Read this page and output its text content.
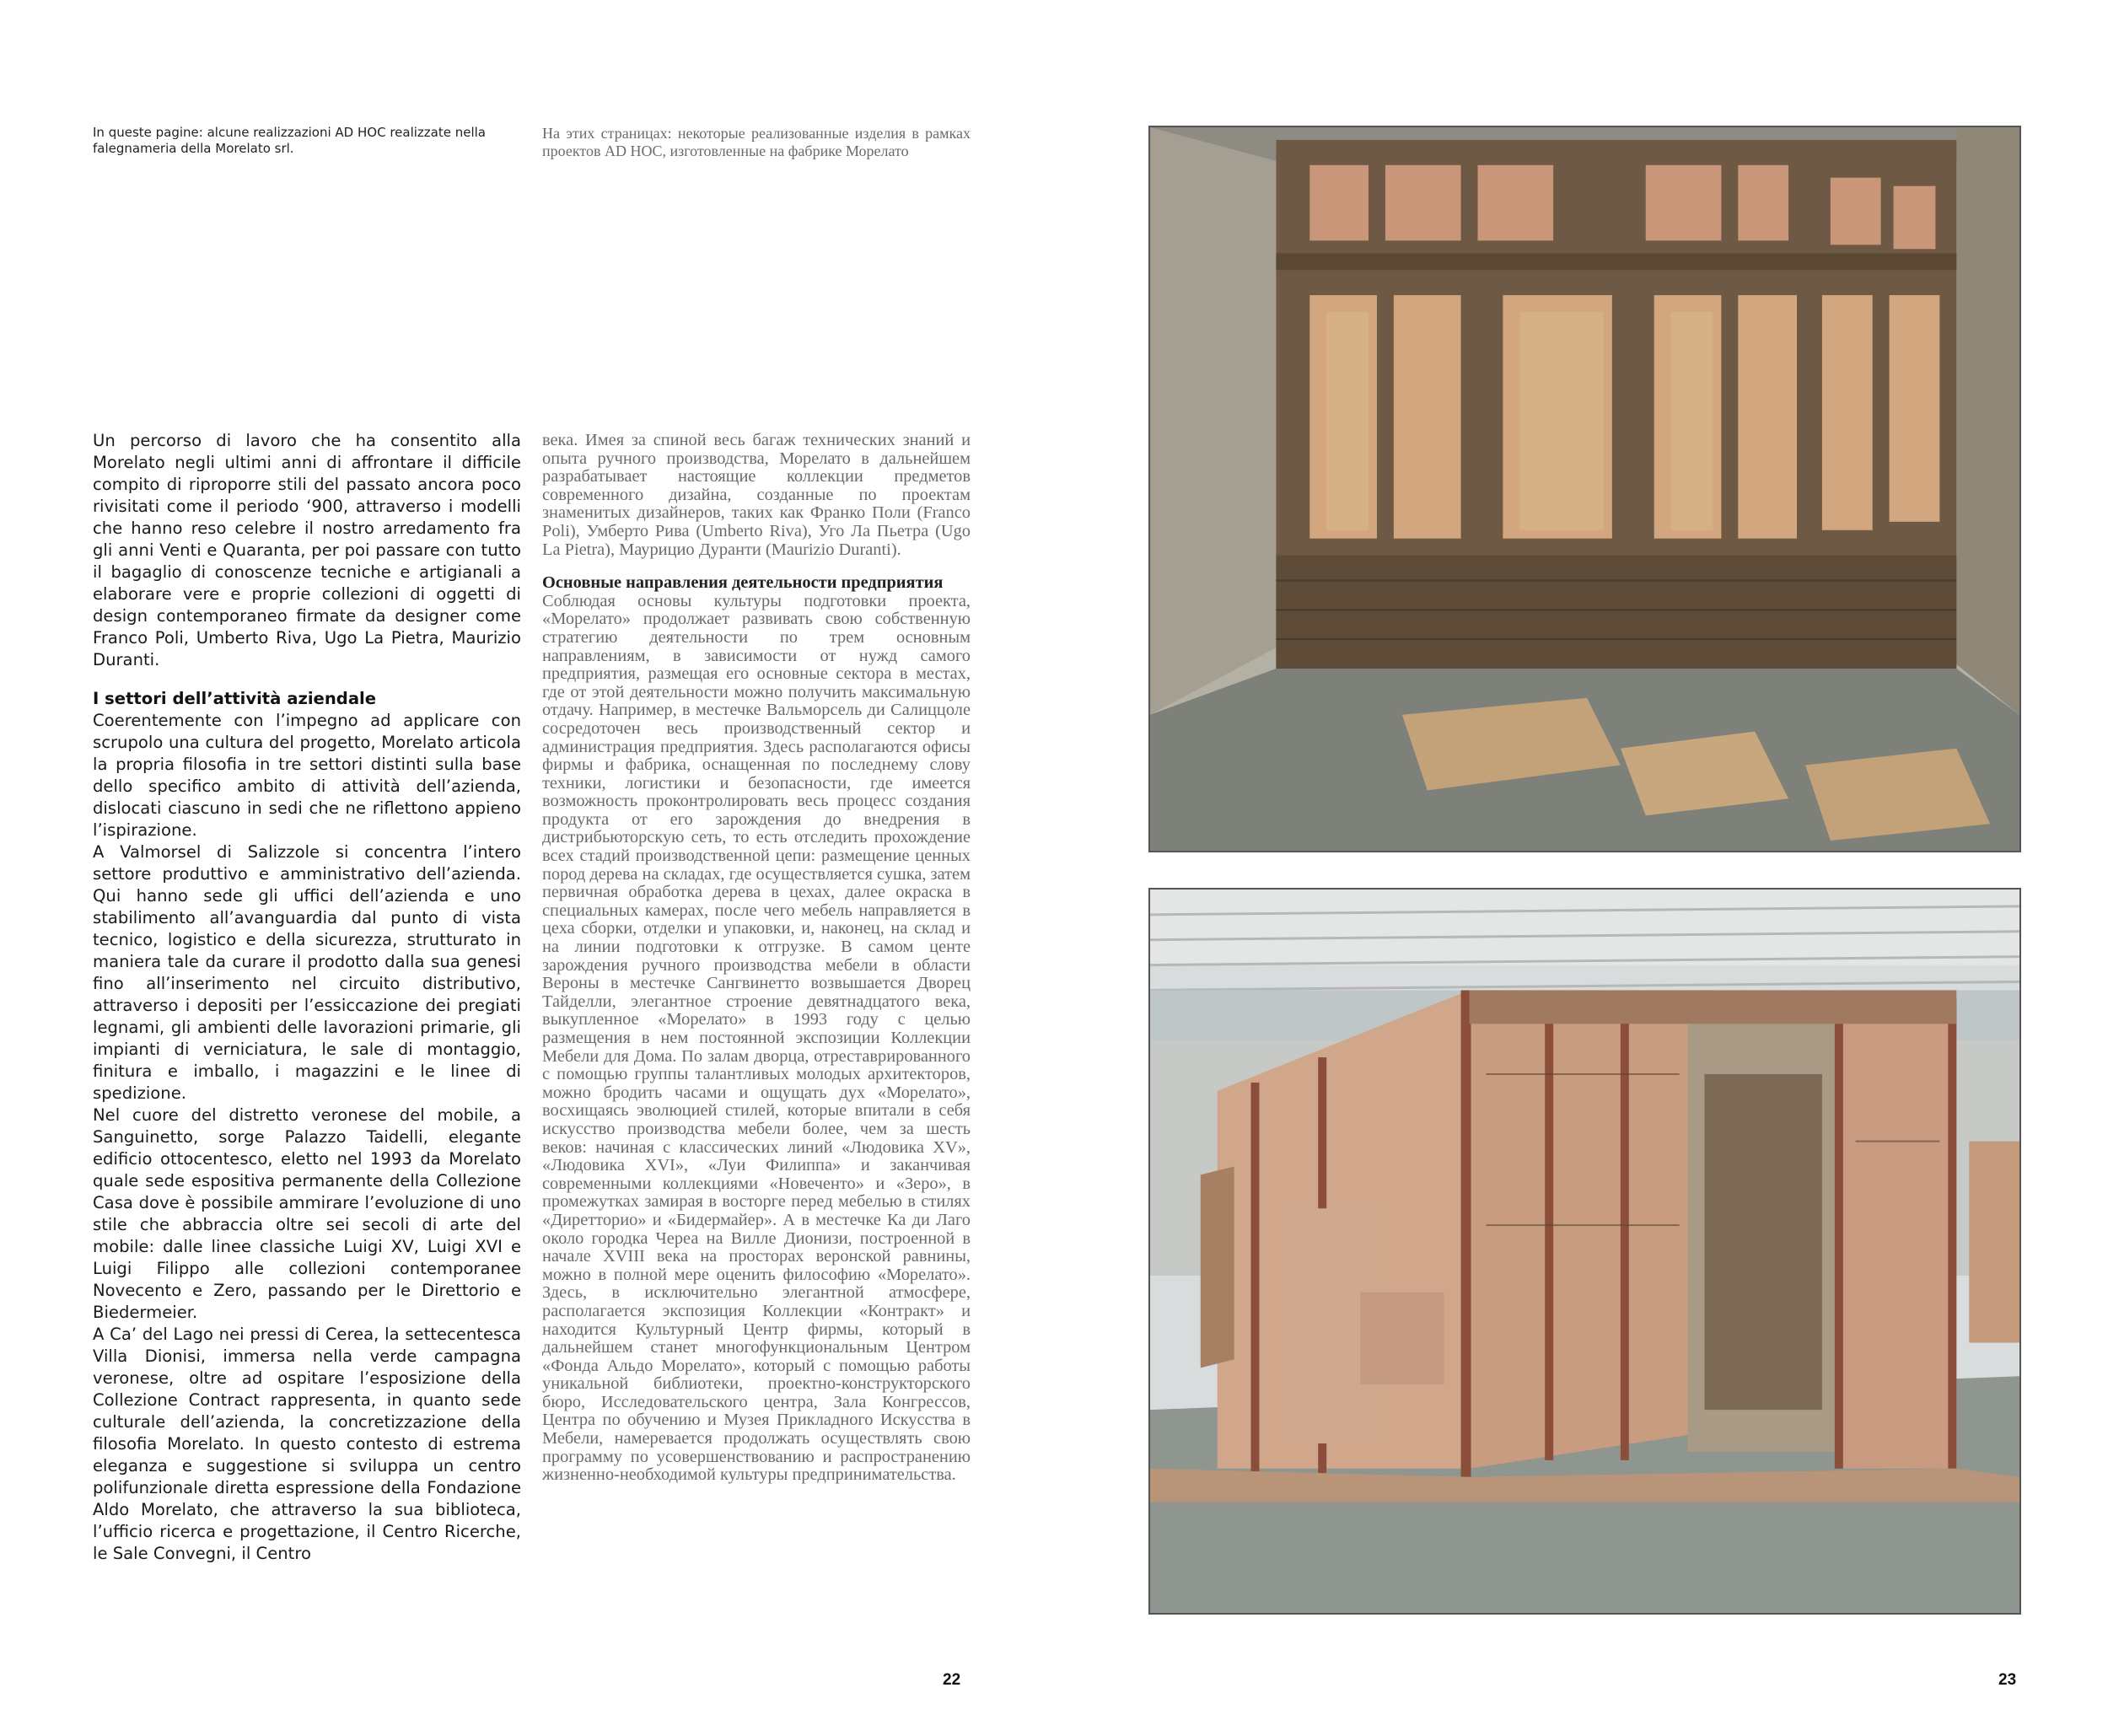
In queste pagine: alcune realizzazioni AD HOC realizzate nella falegnameria della Morelato srl.
На этих страницах: некоторые реализованные изделия в рамках проектов AD HOC, изготовленные на фабрике Морелато

Un percorso di lavoro che ha consentito alla Morelato negli ultimi anni di affrontare il difficile compito di riproporre stili del passato ancora poco rivisitati come il periodo ‘900, attraverso i modelli che hanno reso celebre il nostro arredamento fra gli anni Venti e Quaranta, per poi passare con tutto il bagaglio di conoscenze tecniche e artigianali a elaborare vere e proprie collezioni di oggetti di design contemporaneo firmate da designer come Franco Poli, Umberto Riva, Ugo La Pietra, Maurizio Duranti.

I settori dell’attività aziendale

Coerentemente con l’impegno ad applicare con scrupolo una cultura del progetto, Morelato articola la propria filosofia in tre settori distinti sulla base dello specifico ambito di attività dell’azienda, dislocati ciascuno in sedi che ne riflettono appieno l’ispirazione.

A Valmorsel di Salizzole si concentra l’intero settore produttivo e amministrativo dell’azienda. Qui hanno sede gli uffici dell’azienda e uno stabilimento all’avanguardia dal punto di vista tecnico, logistico e della sicurezza, strutturato in maniera tale da curare il prodotto dalla sua genesi fino all’inserimento nel circuito distributivo, attraverso i depositi per l’essiccazione dei pregiati legnami, gli ambienti delle lavorazioni primarie, gli impianti di verniciatura, le sale di montaggio, finitura e imballo, i magazzini e le linee di spedizione.

Nel cuore del distretto veronese del mobile, a Sanguinetto, sorge Palazzo Taidelli, elegante edificio ottocentesco, eletto nel 1993 da Morelato quale sede espositiva permanente della Collezione Casa dove è possibile ammirare l’evoluzione di uno stile che abbraccia oltre sei secoli di arte del mobile: dalle linee classiche Luigi XV, Luigi XVI e Luigi Filippo alle collezioni contemporanee Novecento e Zero, passando per le Direttorio e Biedermeier.

A Ca’ del Lago nei pressi di Cerea, la settecentesca Villa Dionisi, immersa nella verde campagna veronese, oltre ad ospitare l’esposizione della Collezione Contract rappresenta, in quanto sede culturale dell’azienda, la concretizzazione della filosofia Morelato. In questo contesto di estrema eleganza e suggestione si sviluppa un centro polifunzionale diretta espressione della Fondazione Aldo Morelato, che attraverso la sua biblioteca, l’ufficio ricerca e progettazione, il Centro Ricerche, le Sale Convegni, il Centro

века. Имея за спиной весь багаж технических знаний и опыта ручного производства, Морелато в дальнейшем разрабатывает настоящие коллекции предметов современного дизайна, созданные по проектам знаменитых дизайнеров, таких как Франко Поли (Franco Poli), Умберто Рива (Umberto Riva), Уго Ла Пьетра (Ugo La Pietra), Маурицио Дуранти (Maurizio Duranti).

Основные направления деятельности предприятия

Соблюдая основы культуры подготовки проекта, «Морелато» продолжает развивать свою собственную стратегию деятельности по трем основным направлениям, в зависимости от нужд самого предприятия, размещая его основные сектора в местах, где от этой деятельности можно получить максимальную отдачу. Например, в местечке Вальморсель ди Салиццоле сосредоточен весь производственный сектор и администрация предприятия. Здесь располагаются офисы фирмы и фабрика, оснащенная по последнему слову техники, логистики и безопасности, где имеется возможность проконтролировать весь процесс создания продукта от его зарождения до внедрения в дистрибьюторскую сеть, то есть отследить прохождение всех стадий производственной цепи: размещение ценных пород дерева на складах, где осуществляется сушка, затем первичная обработка дерева в цехах, далее окраска в специальных камерах, после чего мебель направляется в цеха сборки, отделки и упаковки, и, наконец, на склад и на линии подготовки к отгрузке. В самом центе зарождения ручного производства мебели в области Вероны в местечке Сангвинетто возвышается Дворец Тайделли, элегантное строение девятнадцатого века, выкупленное «Морелато» в 1993 году с целью размещения в нем постоянной экспозиции Коллекции Мебели для Дома. По залам дворца, отреставрированного с помощью группы талантливых молодых архитекторов, можно бродить часами и ощущать дух «Морелато», восхищаясь эволюцией стилей, которые впитали в себя искусство производства мебели более, чем за шесть веков: начиная с классических линий «Людовика XV», «Людовика XVI», «Луи Филиппа» и заканчивая современными коллекциями «Новеченто» и «Зеро», в промежутках замирая в восторге перед мебелью в стилях «Диретторио» и «Бидермайер». А в местечке Ка ди Лаго около городка Череа на Вилле Дионизи, построенной в начале XVIII века на просторах веронской равнины, можно в полной мере оценить философию «Морелато». Здесь, в исключительно элегантной атмосфере, располагается экспозиция Коллекции «Контракт» и находится Культурный Центр фирмы, который в дальнейшем станет многофункциональным Центром «Фонда Альдо Морелато», который с помощью работы уникальной библиотеки, проектно-конструкторского бюро, Исследовательского центра, Зала Конгрессов, Центра по обучению и Музея Прикладного Искусства в Мебели, намеревается продолжать осуществлять свою программу по усовершенствованию и распространению жизненно-необходимой культуры предпринимательства.

22	23
